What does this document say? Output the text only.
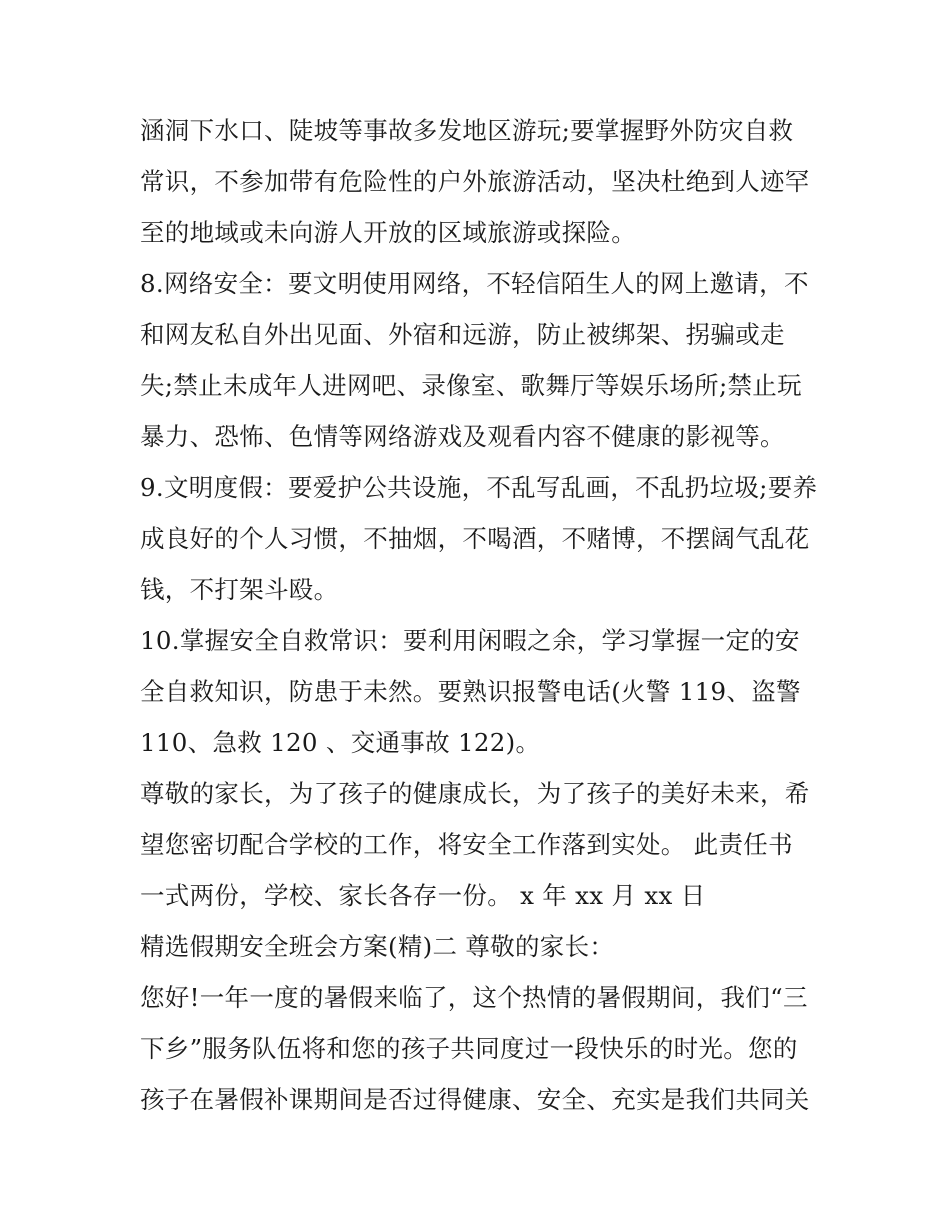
涵洞下水口、陡坡等事故多发地区游玩;要掌握野外防灾自救
常识，不参加带有危险性的户外旅游活动，坚决杜绝到人迹罕
至的地域或未向游人开放的区域旅游或探险。
8.网络安全：要文明使用网络，不轻信陌生人的网上邀请，不
和网友私自外出见面、外宿和远游，防止被绑架、拐骗或走
失;禁止未成年人进网吧、录像室、歌舞厅等娱乐场所;禁止玩
暴力、恐怖、色情等网络游戏及观看内容不健康的影视等。
9.文明度假：要爱护公共设施，不乱写乱画，不乱扔垃圾;要养
成良好的个人习惯，不抽烟，不喝酒，不赌博，不摆阔气乱花
钱，不打架斗殴。
10.掌握安全自救常识：要利用闲暇之余，学习掌握一定的安
全自救知识，防患于未然。要熟识报警电话(火警 119、盗警
110、急救 120 、交通事故 122)。
尊敬的家长，为了孩子的健康成长，为了孩子的美好未来，希
望您密切配合学校的工作，将安全工作落到实处。 此责任书
一式两份，学校、家长各存一份。 x 年 xx 月 xx 日
精选假期安全班会方案(精)二 尊敬的家长：
您好!一年一度的暑假来临了，这个热情的暑假期间，我们“三
下乡”服务队伍将和您的孩子共同度过一段快乐的时光。您的
孩子在暑假补课期间是否过得健康、安全、充实是我们共同关
